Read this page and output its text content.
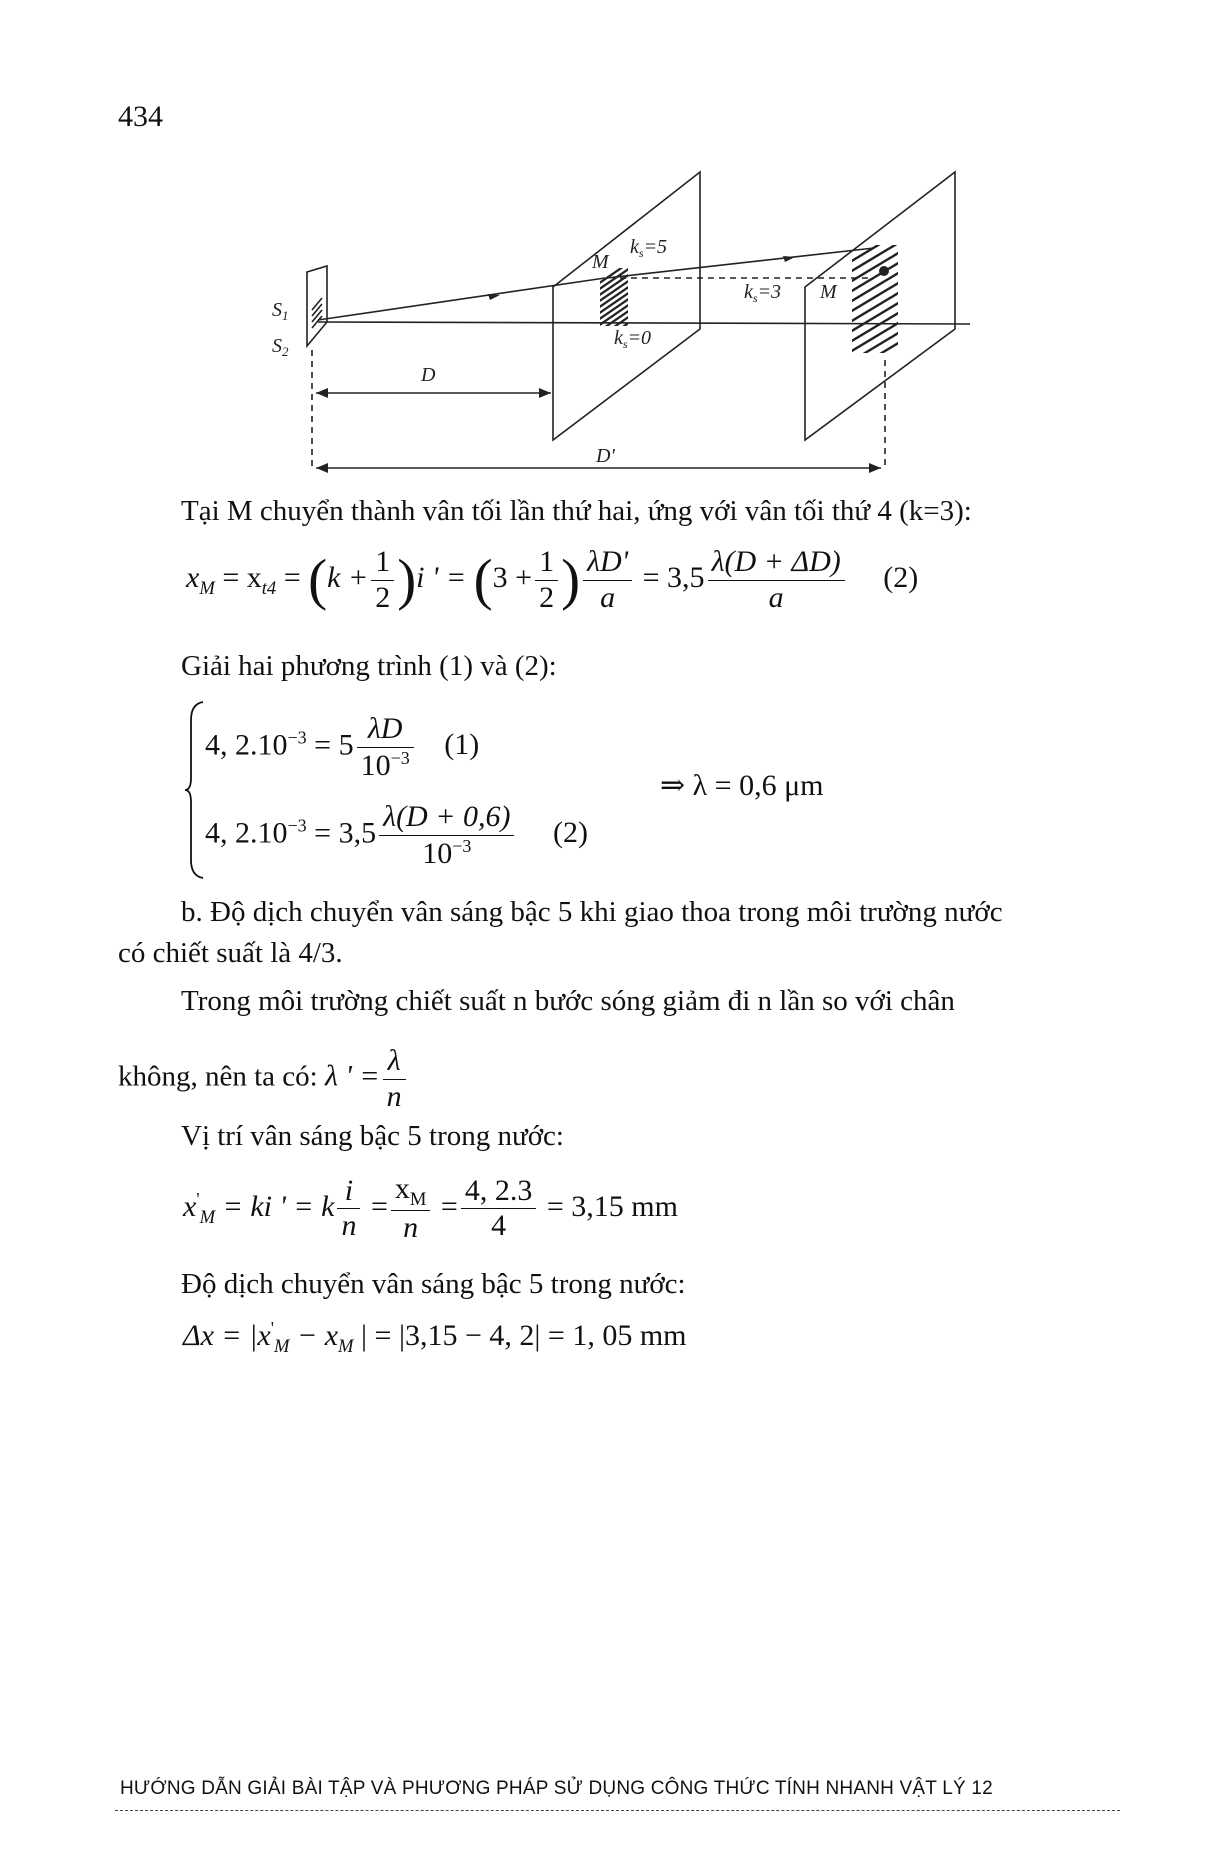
434
$S_1$
$S_2$
M
$k_s=5$
$k_s=3$ M
$k_s=0$
D
D'
Tại M chuyển thành vân tối lần thứ hai, ứng với vân tối thứ 4 (k=3):
$x_M = x_{t4} = (k + \frac{1}{2} )i$ ' = ($3 + \frac{1}{2}$ ) $\frac{\lambda D'}{a} = 3,5 \frac{\lambda(D + \Delta D)}{a} (2)$
Giải hai phương trình (1) và (2):
4, $2.10^{-3} = 5 \frac{\lambda D}{10^{-3}} (1)$
4, $2.10^{-3} = 3,5 \frac{\lambda(D + 0,6)}{10^{-3}} (2)$
⇒ λ = 0,6 μm
b. Độ dịch chuyển vân sáng bậc 5 khi giao thoa trong môi trường nước
có chiết suất là 4/3.
Trong môi trường chiết suất n bước sóng giảm đi n lần so với chân
không, nên ta có: λ ' = $\frac{\lambda}{n}$
Vị trí vân sáng bậc 5 trong nước:
$x'_M$ = ki ' = k $\frac{i}{n} = \frac{x_M}{n} = \frac{4, 2.3}{4} = 3,15$ mm
Độ dịch chuyển vân sáng bậc 5 trong nước:
$\Delta x = |x'_M - x_M$ | = |3,15 − 4, 2| = 1, 05 mm
HƯỚNG DẪN GIẢI BÀI TẬP VÀ PHƯƠNG PHÁP SỬ DỤNG CÔNG THỨC TÍNH NHANH VẬT LÝ 12
